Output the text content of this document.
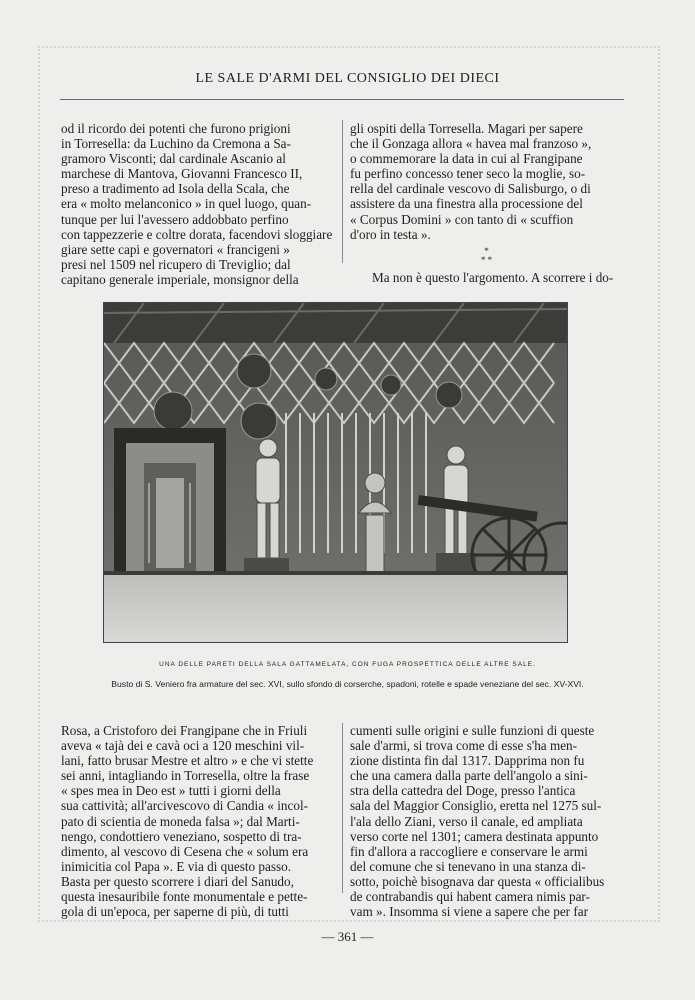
LE SALE D'ARMI DEL CONSIGLIO DEI DIECI

od il ricordo dei potenti che furono prigioni

in Torresella: da Luchino da Cremona a Sa-

gramoro Visconti; dal cardinale Ascanio al

marchese di Mantova, Giovanni Francesco II,

preso a tradimento ad Isola della Scala, che

era « molto melanconico » in quel luogo, quan-

tunque per lui l'avessero addobbato perfino

con tappezzerie e coltre dorata, facendovi sloggiare

giare sette capi e governatori « francigeni »

presi nel 1509 nel ricupero di Treviglio; dal

capitano generale imperiale, monsignor della

gli ospiti della Torresella. Magari per sapere

che il Gonzaga allora « havea mal franzoso »,

o commemorare la data in cui al Frangipane

fu perfino concesso tener seco la moglie, so-

rella del cardinale vescovo di Salisburgo, o di

assistere da una finestra alla processione del

« Corpus Domini » con tanto di « scuffion

d'oro in testa ».

*
* *

Ma non è questo l'argomento. A scorrere i do-

UNA DELLE PARETI DELLA SALA GATTAMELATA, CON FUGA PROSPETTICA DELLE ALTRE SALE.
Busto di S. Veniero fra armature del sec. XVI, sullo sfondo di corserche, spadoni, rotelle e spade veneziane del sec. XV-XVI.

Rosa, a Cristoforo dei Frangipane che in Friuli

aveva « tajà dei e cavà oci a 120 meschini vil-

lani, fatto brusar Mestre et altro » e che vi stette

sei anni, intagliando in Torresella, oltre la frase

« spes mea in Deo est » tutti i giorni della

sua cattività; all'arcivescovo di Candia « incol-

pato di scientia de moneda falsa »; dal Marti-

nengo, condottiero veneziano, sospetto di tra-

dimento, al vescovo di Cesena che « solum era

inimicitia col Papa ». E via di questo passo.

Basta per questo scorrere i diari del Sanudo,

questa inesauribile fonte monumentale e pette-

gola di un'epoca, per saperne di più, di tutti

cumenti sulle origini e sulle funzioni di queste

sale d'armi, si trova come di esse s'ha men-

zione distinta fin dal 1317. Dapprima non fu

che una camera dalla parte dell'angolo a sini-

stra della cattedra del Doge, presso l'antica

sala del Maggior Consiglio, eretta nel 1275 sul-

l'ala dello Ziani, verso il canale, ed ampliata

verso corte nel 1301; camera destinata appunto

fin d'allora a raccogliere e conservare le armi

del comune che si tenevano in una stanza di-

sotto, poichè bisognava dar questa « officialibus

de contrabandis qui habent camera nimis par-

vam ». Insomma si viene a sapere che per far

— 361 —
